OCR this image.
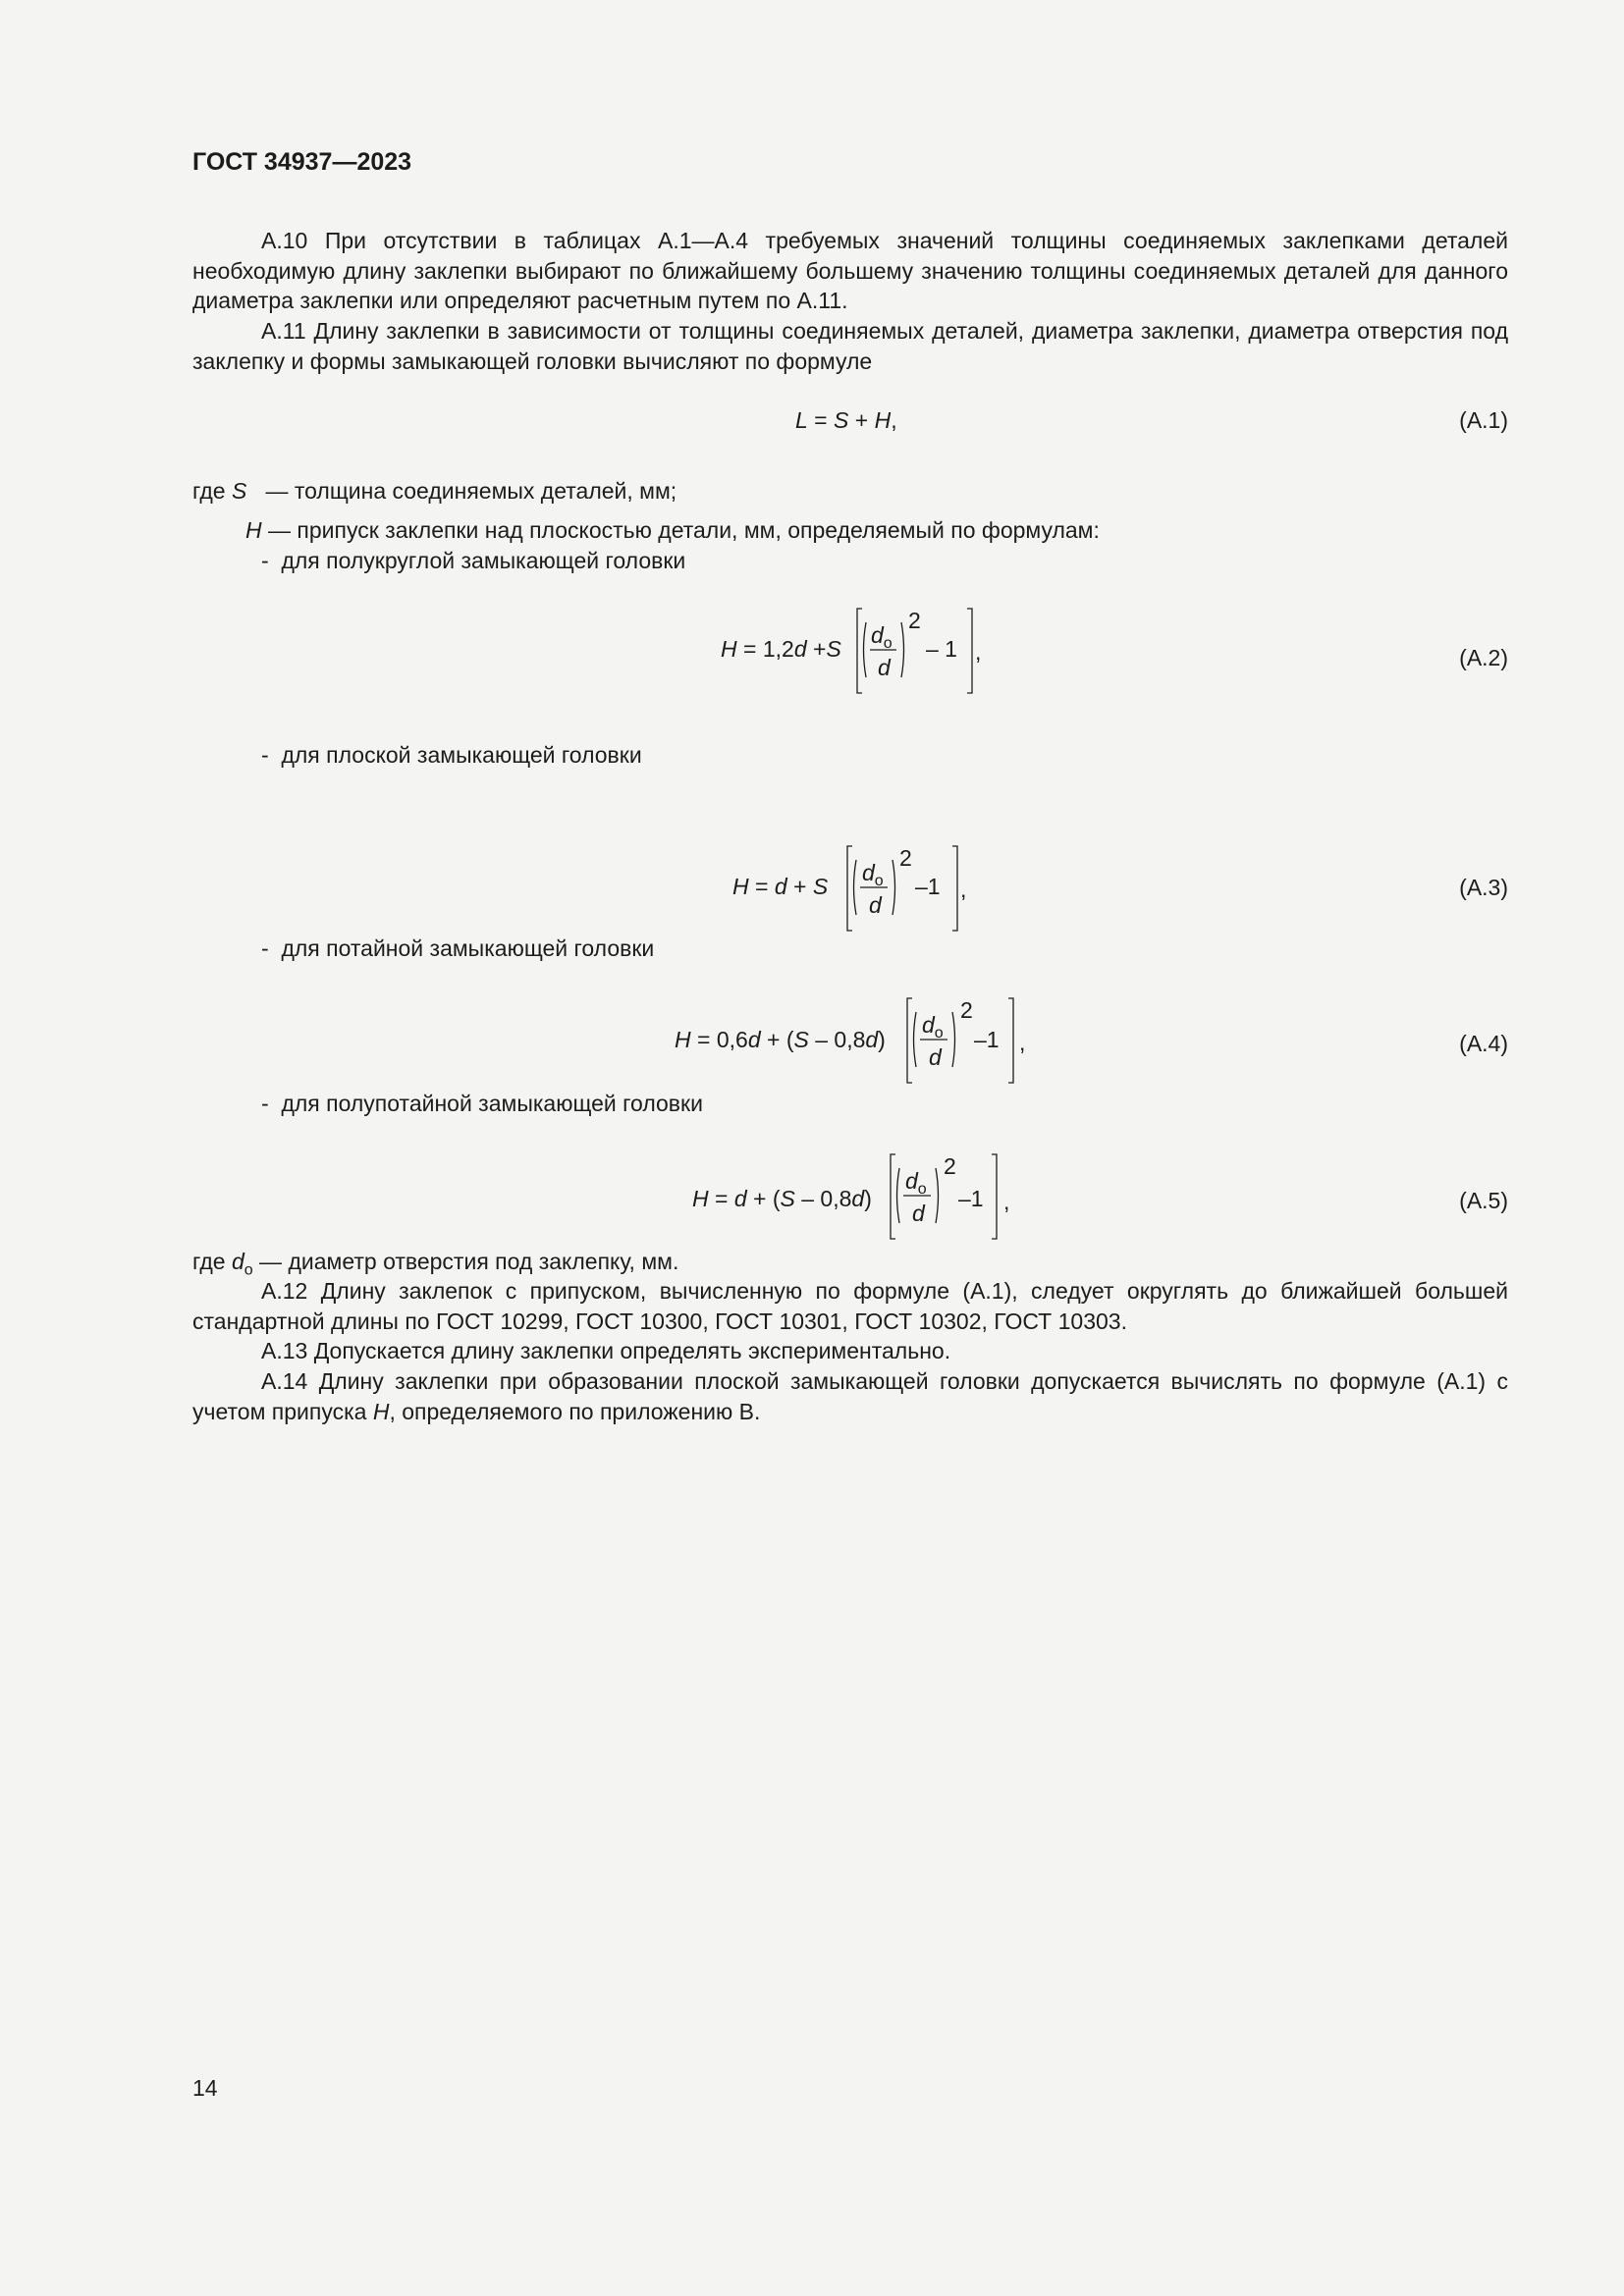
ГОСТ 34937—2023
А.10 При отсутствии в таблицах А.1—А.4 требуемых значений толщины соединяемых заклепками деталей необходимую длину заклепки выбирают по ближайшему большему значению толщины соединяемых деталей для данного диаметра заклепки или определяют расчетным путем по А.11.
А.11 Длину заклепки в зависимости от толщины соединяемых деталей, диаметра заклепки, диаметра отверстия под заклепку и формы замыкающей головки вычисляют по формуле
L = S + H,	(А.1)
где S — толщина соединяемых деталей, мм;
H — припуск заклепки над плоскостью детали, мм, определяемый по формулам:
- для полукруглой замыкающей головки
H = 1,2d +S
$d_o$
d
2
– 1 ,	(А.2)
- для плоской замыкающей головки
H = d + S
$d_o$
d
2
–1 ,	(А.3)
- для потайной замыкающей головки
H = 0,6d + (S – 0,8d)
$d_o$
d
2
–1 ,	(А.4)
- для полупотайной замыкающей головки
H = d + (S – 0,8d)
$d_o$
d
2
–1 ,	(А.5)
где $d_o$ — диаметр отверстия под заклепку, мм.
А.12 Длину заклепок с припуском, вычисленную по формуле (А.1), следует округлять до ближайшей большей стандартной длины по ГОСТ 10299, ГОСТ 10300, ГОСТ 10301, ГОСТ 10302, ГОСТ 10303.
А.13 Допускается длину заклепки определять экспериментально.
А.14 Длину заклепки при образовании плоской замыкающей головки допускается вычислять по формуле (А.1) с учетом припуска H, определяемого по приложению В.
14
